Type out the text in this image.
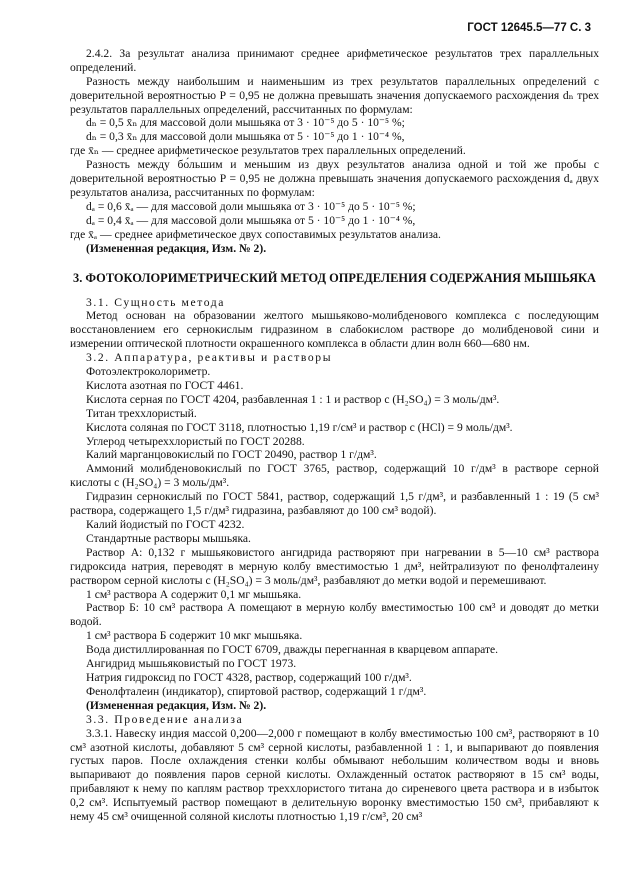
ГОСТ 12645.5—77 С. 3

2.4.2. За результат анализа принимают среднее арифметическое результатов трех параллельных определений.

Разность между наибольшим и наименьшим из трех результатов параллельных определений с доверительной вероятностью P = 0,95 не должна превышать значения допускаемого расхождения dₙ трех результатов параллельных определений, рассчитанных по формулам:

dₙ = 0,5 x̄ₙ для массовой доли мышьяка от 3 · 10⁻⁵ до 5 · 10⁻⁵ %;

dₙ = 0,3 x̄ₙ для массовой доли мышьяка от 5 · 10⁻⁵ до 1 · 10⁻⁴ %,

где x̄ₙ — среднее арифметическое результатов трех параллельных определений.

Разность между бо́льшим и меньшим из двух результатов анализа одной и той же пробы с доверительной вероятностью P = 0,95 не должна превышать значения допускаемого расхождения dₐ двух результатов анализа, рассчитанных по формулам:

dₐ = 0,6 x̄ₐ — для массовой доли мышьяка от 3 · 10⁻⁵ до 5 · 10⁻⁵ %;

dₐ = 0,4 x̄ₐ — для массовой доли мышьяка от 5 · 10⁻⁵ до 1 · 10⁻⁴ %,

где x̄ₐ — среднее арифметическое двух сопоставимых результатов анализа.

(Измененная редакция, Изм. № 2).

3. ФОТОКОЛОРИМЕТРИЧЕСКИЙ МЕТОД ОПРЕДЕЛЕНИЯ СОДЕРЖАНИЯ МЫШЬЯКА

3.1. Сущность метода

Метод основан на образовании желтого мышьяково-молибденового комплекса с последующим восстановлением его сернокислым гидразином в слабокислом растворе до молибденовой сини и измерении оптической плотности окрашенного комплекса в области длин волн 660—680 нм.

3.2. Аппаратура, реактивы и растворы

Фотоэлектроколориметр.

Кислота азотная по ГОСТ 4461.

Кислота серная по ГОСТ 4204, разбавленная 1 : 1 и раствор c (H₂SO₄) = 3 моль/дм³.

Титан треххлористый.

Кислота соляная по ГОСТ 3118, плотностью 1,19 г/см³ и раствор c (HCl) = 9 моль/дм³.

Углерод четыреххлористый по ГОСТ 20288.

Калий марганцовокислый по ГОСТ 20490, раствор 1 г/дм³.

Аммоний молибденовокислый по ГОСТ 3765, раствор, содержащий 10 г/дм³ в растворе серной кислоты c (H₂SO₄) = 3 моль/дм³.

Гидразин сернокислый по ГОСТ 5841, раствор, содержащий 1,5 г/дм³, и разбавленный 1 : 19 (5 см³ раствора, содержащего 1,5 г/дм³ гидразина, разбавляют до 100 см³ водой).

Калий йодистый по ГОСТ 4232.

Стандартные растворы мышьяка.

Раствор А: 0,132 г мышьяковистого ангидрида растворяют при нагревании в 5—10 см³ раствора гидроксида натрия, переводят в мерную колбу вместимостью 1 дм³, нейтрализуют по фенолфталеину раствором серной кислоты c (H₂SO₄) = 3 моль/дм³, разбавляют до метки водой и перемешивают.

1 см³ раствора А содержит 0,1 мг мышьяка.

Раствор Б: 10 см³ раствора А помещают в мерную колбу вместимостью 100 см³ и доводят до метки водой.

1 см³ раствора Б содержит 10 мкг мышьяка.

Вода дистиллированная по ГОСТ 6709, дважды перегнанная в кварцевом аппарате.

Ангидрид мышьяковистый по ГОСТ 1973.

Натрия гидроксид по ГОСТ 4328, раствор, содержащий 100 г/дм³.

Фенолфталеин (индикатор), спиртовой раствор, содержащий 1 г/дм³.

(Измененная редакция, Изм. № 2).

3.3. Проведение анализа

3.3.1. Навеску индия массой 0,200—2,000 г помещают в колбу вместимостью 100 см³, растворяют в 10 см³ азотной кислоты, добавляют 5 см³ серной кислоты, разбавленной 1 : 1, и выпаривают до появления густых паров. После охлаждения стенки колбы обмывают небольшим количеством воды и вновь выпаривают до появления паров серной кислоты. Охлажденный остаток растворяют в 15 см³ воды, прибавляют к нему по каплям раствор треххлористого титана до сиреневого цвета раствора и в избыток 0,2 см³. Испытуемый раствор помещают в делительную воронку вместимостью 150 см³, прибавляют к нему 45 см³ очищенной соляной кислоты плотностью 1,19 г/см³, 20 см³
